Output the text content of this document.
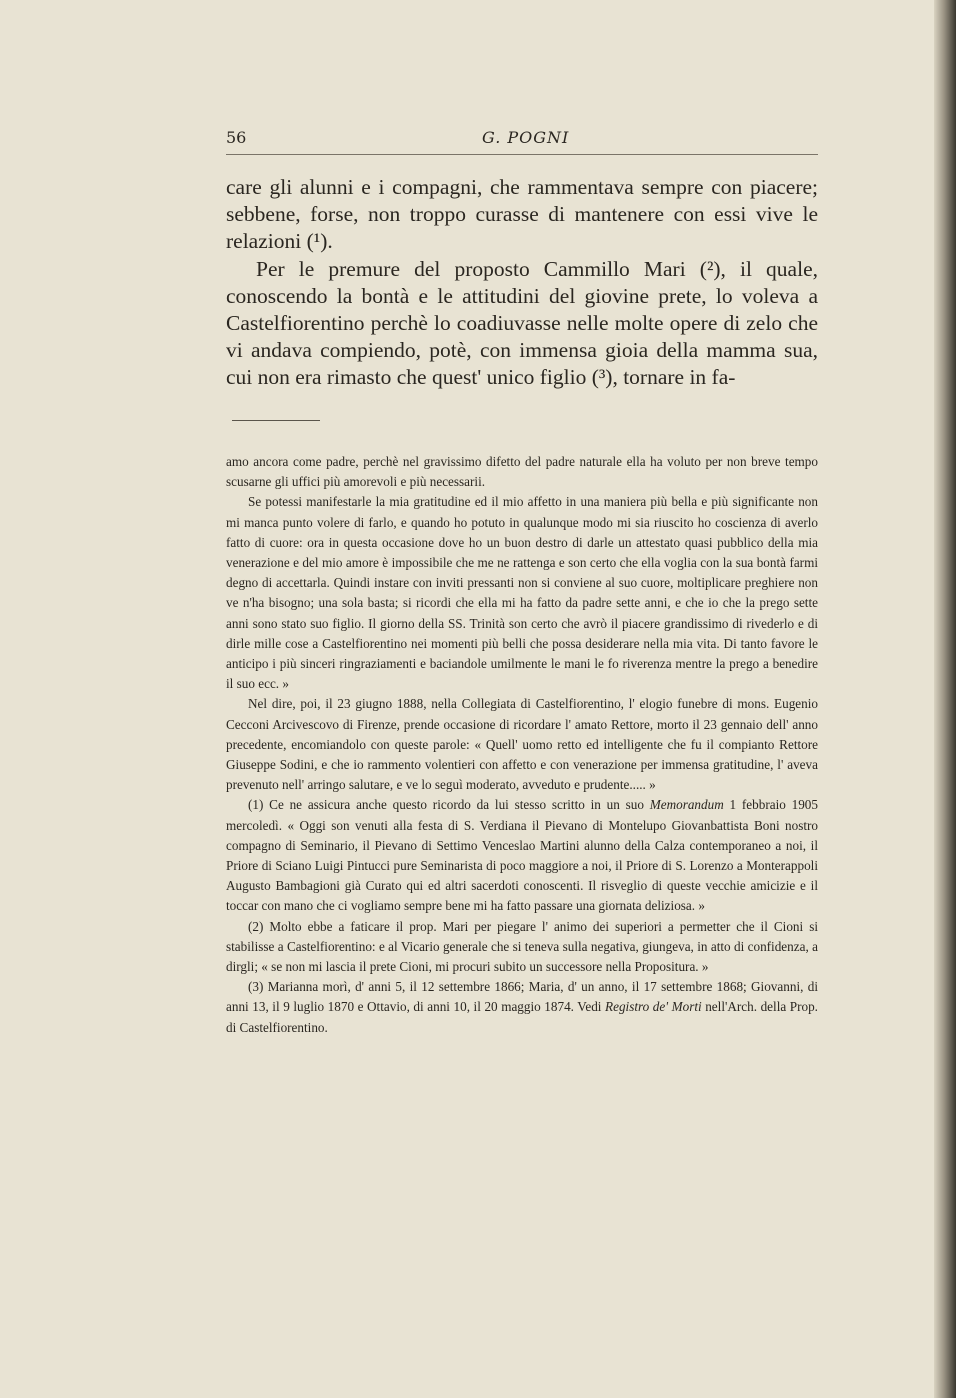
56	G. POGNI

care gli alunni e i compagni, che rammentava sempre con piacere; sebbene, forse, non troppo curasse di mantenere con essi vive le relazioni (¹).

Per le premure del proposto Cammillo Mari (²), il quale, conoscendo la bontà e le attitudini del giovine prete, lo voleva a Castelfiorentino perchè lo coadiuvasse nelle molte opere di zelo che vi andava compiendo, potè, con immensa gioia della mamma sua, cui non era rimasto che quest' unico figlio (³), tornare in fa-

amo ancora come padre, perchè nel gravissimo difetto del padre naturale ella ha voluto per non breve tempo scusarne gli uffici più amorevoli e più necessarii.

Se potessi manifestarle la mia gratitudine ed il mio affetto in una maniera più bella e più significante non mi manca punto volere di farlo, e quando ho potuto in qualunque modo mi sia riuscito ho coscienza di averlo fatto di cuore: ora in questa occasione dove ho un buon destro di darle un attestato quasi pubblico della mia venerazione e del mio amore è impossibile che me ne rattenga e son certo che ella voglia con la sua bontà farmi degno di accettarla. Quindi instare con inviti pressanti non si conviene al suo cuore, moltiplicare preghiere non ve n'ha bisogno; una sola basta; si ricordi che ella mi ha fatto da padre sette anni, e che io che la prego sette anni sono stato suo figlio. Il giorno della SS. Trinità son certo che avrò il piacere grandissimo di rivederlo e di dirle mille cose a Castelfiorentino nei momenti più belli che possa desiderare nella mia vita. Di tanto favore le anticipo i più sinceri ringraziamenti e baciandole umilmente le mani le fo riverenza mentre la prego a benedire il suo ecc. »

Nel dire, poi, il 23 giugno 1888, nella Collegiata di Castelfiorentino, l' elogio funebre di mons. Eugenio Cecconi Arcivescovo di Firenze, prende occasione di ricordare l' amato Rettore, morto il 23 gennaio dell' anno precedente, encomiandolo con queste parole: « Quell' uomo retto ed intelligente che fu il compianto Rettore Giuseppe Sodini, e che io rammento volentieri con affetto e con venerazione per immensa gratitudine, l' aveva prevenuto nell' arringo salutare, e ve lo seguì moderato, avveduto e prudente..... »

(1) Ce ne assicura anche questo ricordo da lui stesso scritto in un suo Memorandum 1 febbraio 1905 mercoledì. « Oggi son venuti alla festa di S. Verdiana il Pievano di Montelupo Giovanbattista Boni nostro compagno di Seminario, il Pievano di Settimo Venceslao Martini alunno della Calza contemporaneo a noi, il Priore di Sciano Luigi Pintucci pure Seminarista di poco maggiore a noi, il Priore di S. Lorenzo a Monterappoli Augusto Bambagioni già Curato qui ed altri sacerdoti conoscenti. Il risveglio di queste vecchie amicizie e il toccar con mano che ci vogliamo sempre bene mi ha fatto passare una giornata deliziosa. »

(2) Molto ebbe a faticare il prop. Mari per piegare l' animo dei superiori a permetter che il Cioni si stabilisse a Castelfiorentino: e al Vicario generale che si teneva sulla negativa, giungeva, in atto di confidenza, a dirgli; « se non mi lascia il prete Cioni, mi procuri subito un successore nella Propositura. »

(3) Marianna morì, d' anni 5, il 12 settembre 1866; Maria, d' un anno, il 17 settembre 1868; Giovanni, di anni 13, il 9 luglio 1870 e Ottavio, di anni 10, il 20 maggio 1874. Vedi Registro de' Morti nell'Arch. della Prop. di Castelfiorentino.
